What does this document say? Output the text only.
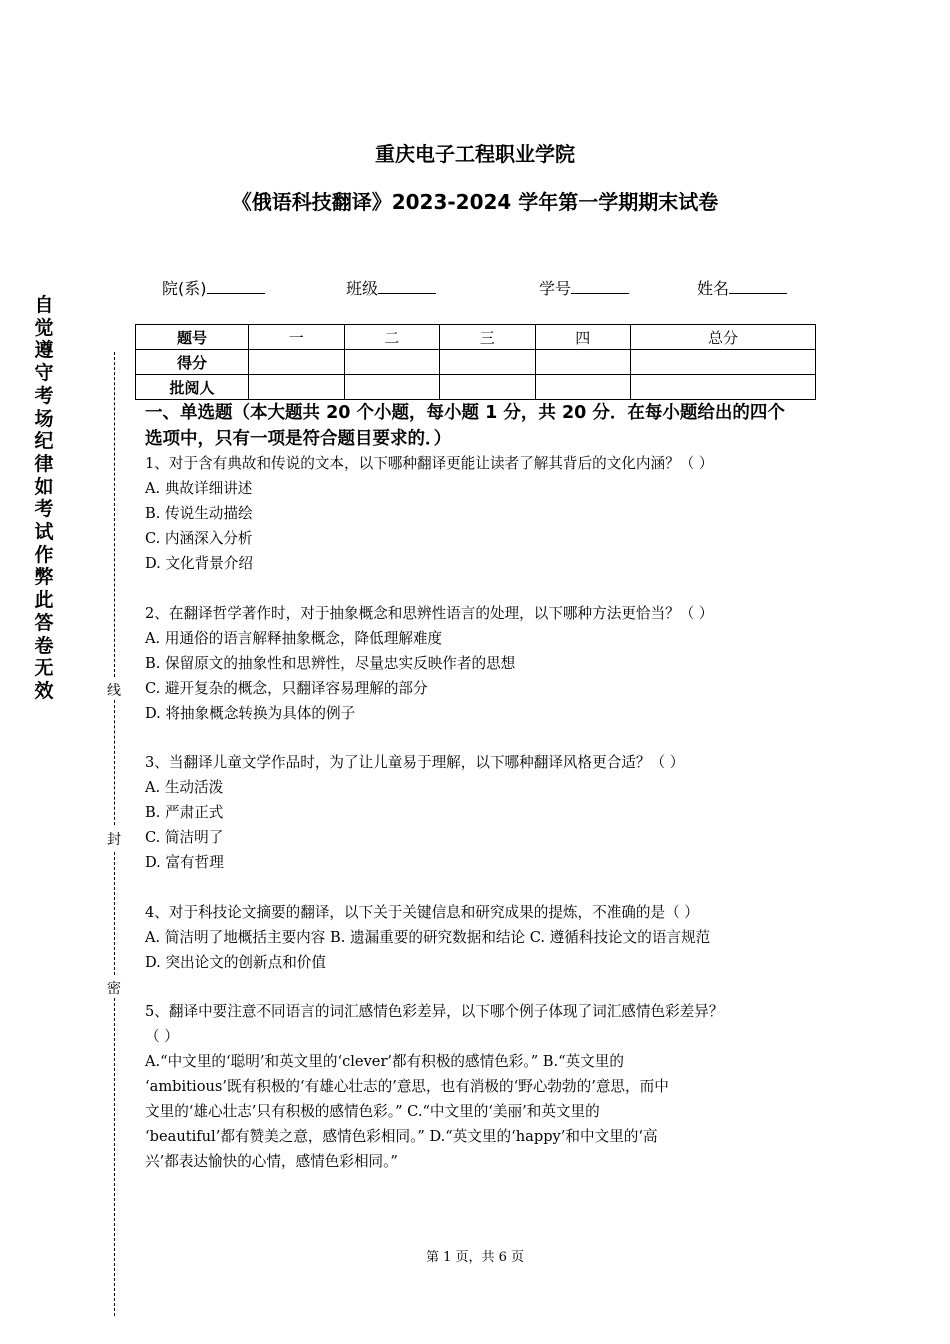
重庆电子工程职业学院
《俄语科技翻译》2023-2024 学年第一学期期末试卷
院(系)	班级	学号	姓名
题号	一	二	三	四	总分
得分					
批阅人					
自
觉
遵
守
考
场
纪
律
如
考
试
作
弊
此
答
卷
无
效	线
封
密
一、单选题（本大题共 20 个小题，每小题 1 分，共 20 分．在每小题给出的四个
选项中，只有一项是符合题目要求的．）
1、对于含有典故和传说的文本，以下哪种翻译更能让读者了解其背后的文化内涵？（ ）
A. 典故详细讲述
B. 传说生动描绘
C. 内涵深入分析
D. 文化背景介绍
2、在翻译哲学著作时，对于抽象概念和思辨性语言的处理，以下哪种方法更恰当？（ ）
A. 用通俗的语言解释抽象概念，降低理解难度
B. 保留原文的抽象性和思辨性，尽量忠实反映作者的思想
C. 避开复杂的概念，只翻译容易理解的部分
D. 将抽象概念转换为具体的例子
3、当翻译儿童文学作品时，为了让儿童易于理解，以下哪种翻译风格更合适？（ ）
A. 生动活泼
B. 严肃正式
C. 简洁明了
D. 富有哲理
4、对于科技论文摘要的翻译，以下关于关键信息和研究成果的提炼，不准确的是（ ）
A. 简洁明了地概括主要内容 B. 遗漏重要的研究数据和结论 C. 遵循科技论文的语言规范
D. 突出论文的创新点和价值
5、翻译中要注意不同语言的词汇感情色彩差异，以下哪个例子体现了词汇感情色彩差异？
（ ）
A.“中文里的‘聪明’和英文里的‘clever’都有积极的感情色彩。” B.“英文里的
‘ambitious’既有积极的‘有雄心壮志的’意思，也有消极的‘野心勃勃的’意思，而中
文里的‘雄心壮志’只有积极的感情色彩。” C.“中文里的‘美丽’和英文里的
‘beautiful’都有赞美之意，感情色彩相同。” D.“英文里的‘happy’和中文里的‘高
兴’都表达愉快的心情，感情色彩相同。”
第 1 页，共 6 页
